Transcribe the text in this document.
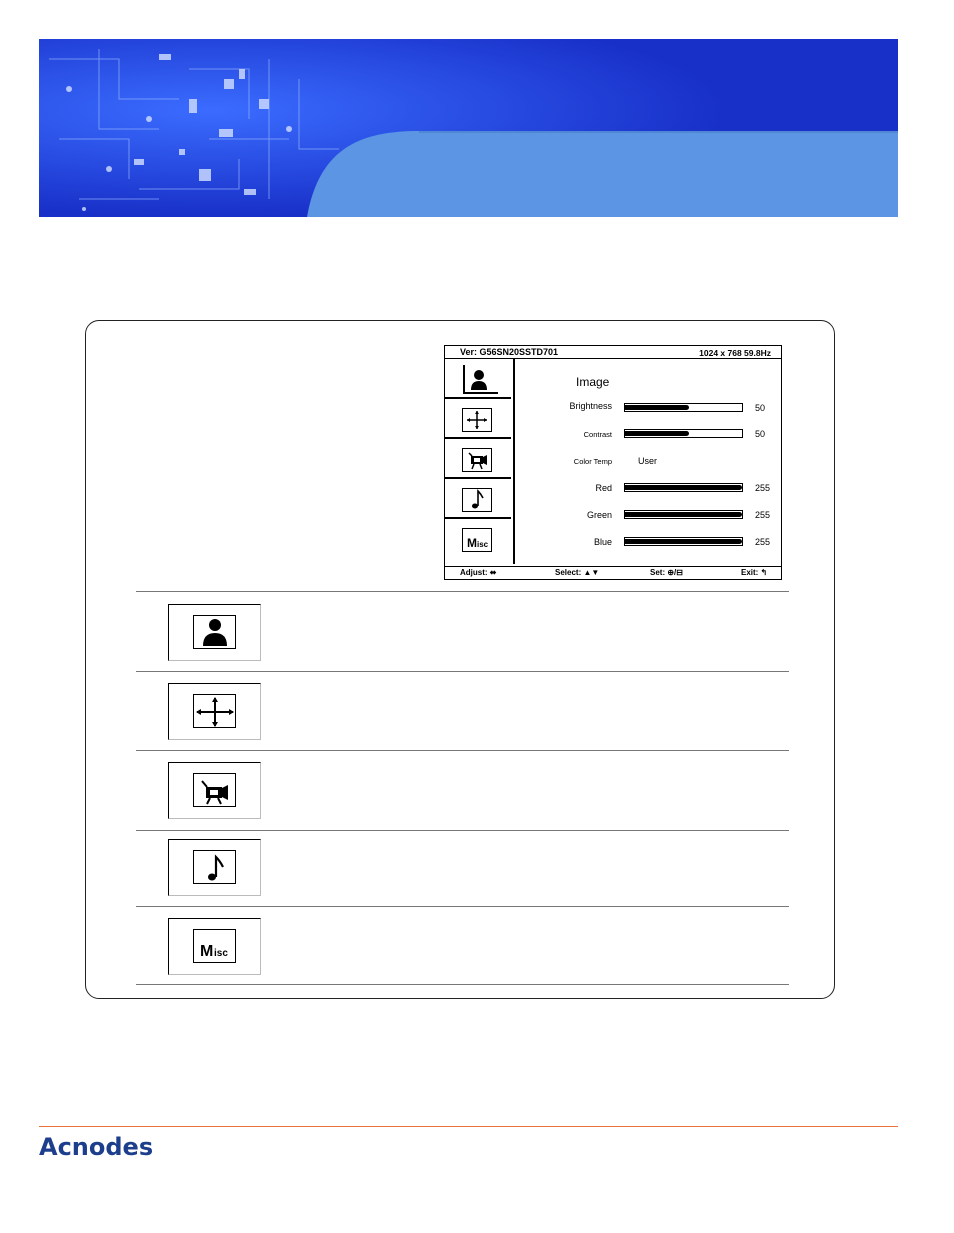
Ver: G56SN20SSTD701	1024 x 768 59.8Hz
M isc
Image
Brightness	50
Contrast	50
Color Temp	User
Red	255
Green	255
Blue	255
Adjust: ⬌	Select: ▲▼	Set: ⊕/⊟	Exit: ↰
M isc
Acnodes
